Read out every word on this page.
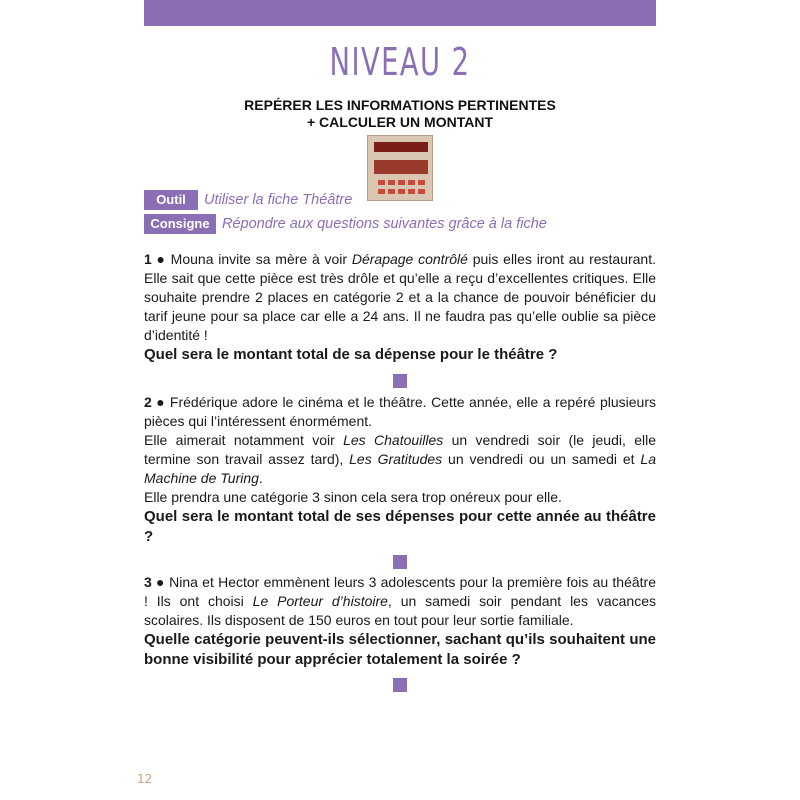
NIVEAU 2
REPÉRER LES INFORMATIONS PERTINENTES
+ CALCULER UN MONTANT
Outil	Utiliser la fiche Théâtre
Consigne Répondre aux questions suivantes grâce à la fiche

1 ● Mouna invite sa mère à voir Dérapage contrôlé puis elles iront au restaurant. Elle sait que cette pièce est très drôle et qu’elle a reçu d’excellentes critiques. Elle souhaite prendre 2 places en catégorie 2 et a la chance de pouvoir bénéficier du tarif jeune pour sa place car elle a 24 ans. Il ne faudra pas qu’elle oublie sa pièce d’identité !

Quel sera le montant total de sa dépense pour le théâtre ?

2 ● Frédérique adore le cinéma et le théâtre. Cette année, elle a repéré plusieurs pièces qui l’intéressent énormément.

Elle aimerait notamment voir Les Chatouilles un vendredi soir (le jeudi, elle termine son travail assez tard), Les Gratitudes un vendredi ou un samedi et La Machine de Turing.

Elle prendra une catégorie 3 sinon cela sera trop onéreux pour elle.

Quel sera le montant total de ses dépenses pour cette année au théâtre ?

3 ● Nina et Hector emmènent leurs 3 adolescents pour la première fois au théâtre ! Ils ont choisi Le Porteur d’histoire, un samedi soir pendant les vacances scolaires. Ils disposent de 150 euros en tout pour leur sortie familiale.

Quelle catégorie peuvent-ils sélectionner, sachant qu’ils souhaitent une bonne visibilité pour apprécier totalement la soirée ?

12
